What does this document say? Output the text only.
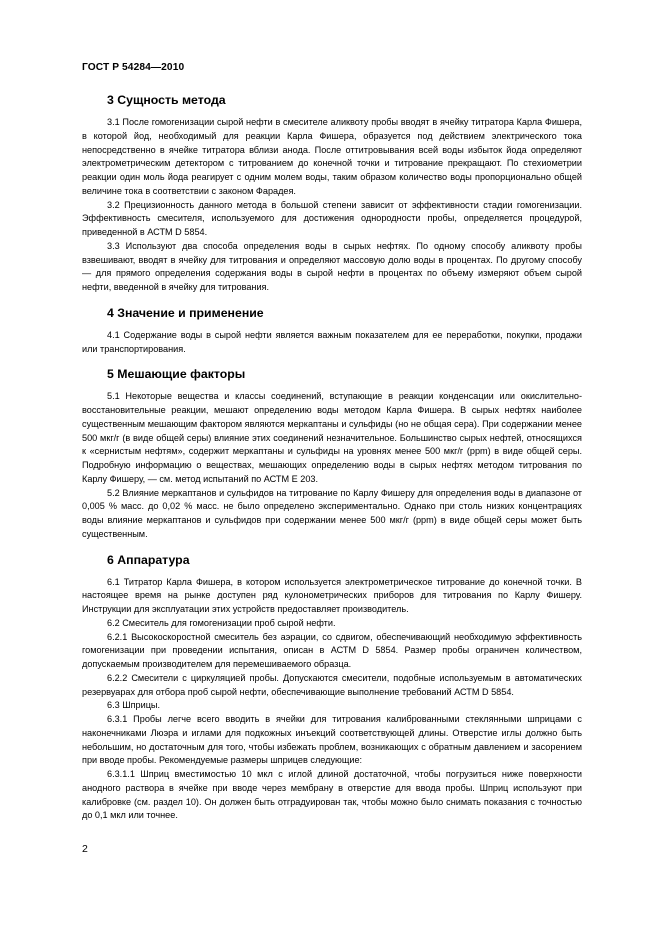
ГОСТ Р 54284—2010
3 Сущность метода

3.1 После гомогенизации сырой нефти в смесителе аликвоту пробы вводят в ячейку титратора Карла Фишера, в которой йод, необходимый для реакции Карла Фишера, образуется под действием электрического тока непосредственно в ячейке титратора вблизи анода. После оттитровывания всей воды избыток йода определяют электрометрическим детектором с титрованием до конечной точки и титрование прекращают. По стехиометрии реакции один моль йода реагирует с одним молем воды, таким образом количество воды пропорционально общей величине тока в соответствии с законом Фарадея.

3.2 Прецизионность данного метода в большой степени зависит от эффективности стадии гомогенизации. Эффективность смесителя, используемого для достижения однородности пробы, определяется процедурой, приведенной в АСТМ D 5854.

3.3 Используют два способа определения воды в сырых нефтях. По одному способу аликвоту пробы взвешивают, вводят в ячейку для титрования и определяют массовую долю воды в процентах. По другому способу — для прямого определения содержания воды в сырой нефти в процентах по объему измеряют объем сырой нефти, введенной в ячейку для титрования.

4 Значение и применение

4.1 Содержание воды в сырой нефти является важным показателем для ее переработки, покупки, продажи или транспортирования.

5 Мешающие факторы

5.1 Некоторые вещества и классы соединений, вступающие в реакции конденсации или окислительно-восстановительные реакции, мешают определению воды методом Карла Фишера. В сырых нефтях наиболее существенным мешающим фактором являются меркаптаны и сульфиды (но не общая сера). При содержании менее 500 мкг/г (в виде общей серы) влияние этих соединений незначительное. Большинство сырых нефтей, относящихся к «сернистым нефтям», содержит меркаптаны и сульфиды на уровнях менее 500 мкг/г (ppm) в виде общей серы. Подробную информацию о веществах, мешающих определению воды в сырых нефтях методом титрования по Карлу Фишеру, — см. метод испытаний по АСТМ Е 203.

5.2 Влияние меркаптанов и сульфидов на титрование по Карлу Фишеру для определения воды в диапазоне от 0,005 % масс. до 0,02 % масс. не было определено экспериментально. Однако при столь низких концентрациях воды влияние меркаптанов и сульфидов при содержании менее 500 мкг/г (ppm) в виде общей серы может быть существенным.

6 Аппаратура

6.1 Титратор Карла Фишера, в котором используется электрометрическое титрование до конечной точки. В настоящее время на рынке доступен ряд кулонометрических приборов для титрования по Карлу Фишеру. Инструкции для эксплуатации этих устройств предоставляет производитель.

6.2 Смеситель для гомогенизации проб сырой нефти.

6.2.1 Высокоскоростной смеситель без аэрации, со сдвигом, обеспечивающий необходимую эффективность гомогенизации при проведении испытания, описан в АСТМ D 5854. Размер пробы ограничен количеством, допускаемым производителем для перемешиваемого образца.

6.2.2 Смесители с циркуляцией пробы. Допускаются смесители, подобные используемым в автоматических резервуарах для отбора проб сырой нефти, обеспечивающие выполнение требований АСТМ D 5854.

6.3 Шприцы.

6.3.1 Пробы легче всего вводить в ячейки для титрования калиброванными стеклянными шприцами с наконечниками Люэра и иглами для подкожных инъекций соответствующей длины. Отверстие иглы должно быть небольшим, но достаточным для того, чтобы избежать проблем, возникающих с обратным давлением и засорением при вводе пробы. Рекомендуемые размеры шприцев следующие:

6.3.1.1 Шприц вместимостью 10 мкл с иглой длиной достаточной, чтобы погрузиться ниже поверхности анодного раствора в ячейке при вводе через мембрану в отверстие для ввода пробы. Шприц используют при калибровке (см. раздел 10). Он должен быть отградуирован так, чтобы можно было снимать показания с точностью до 0,1 мкл или точнее.

2
